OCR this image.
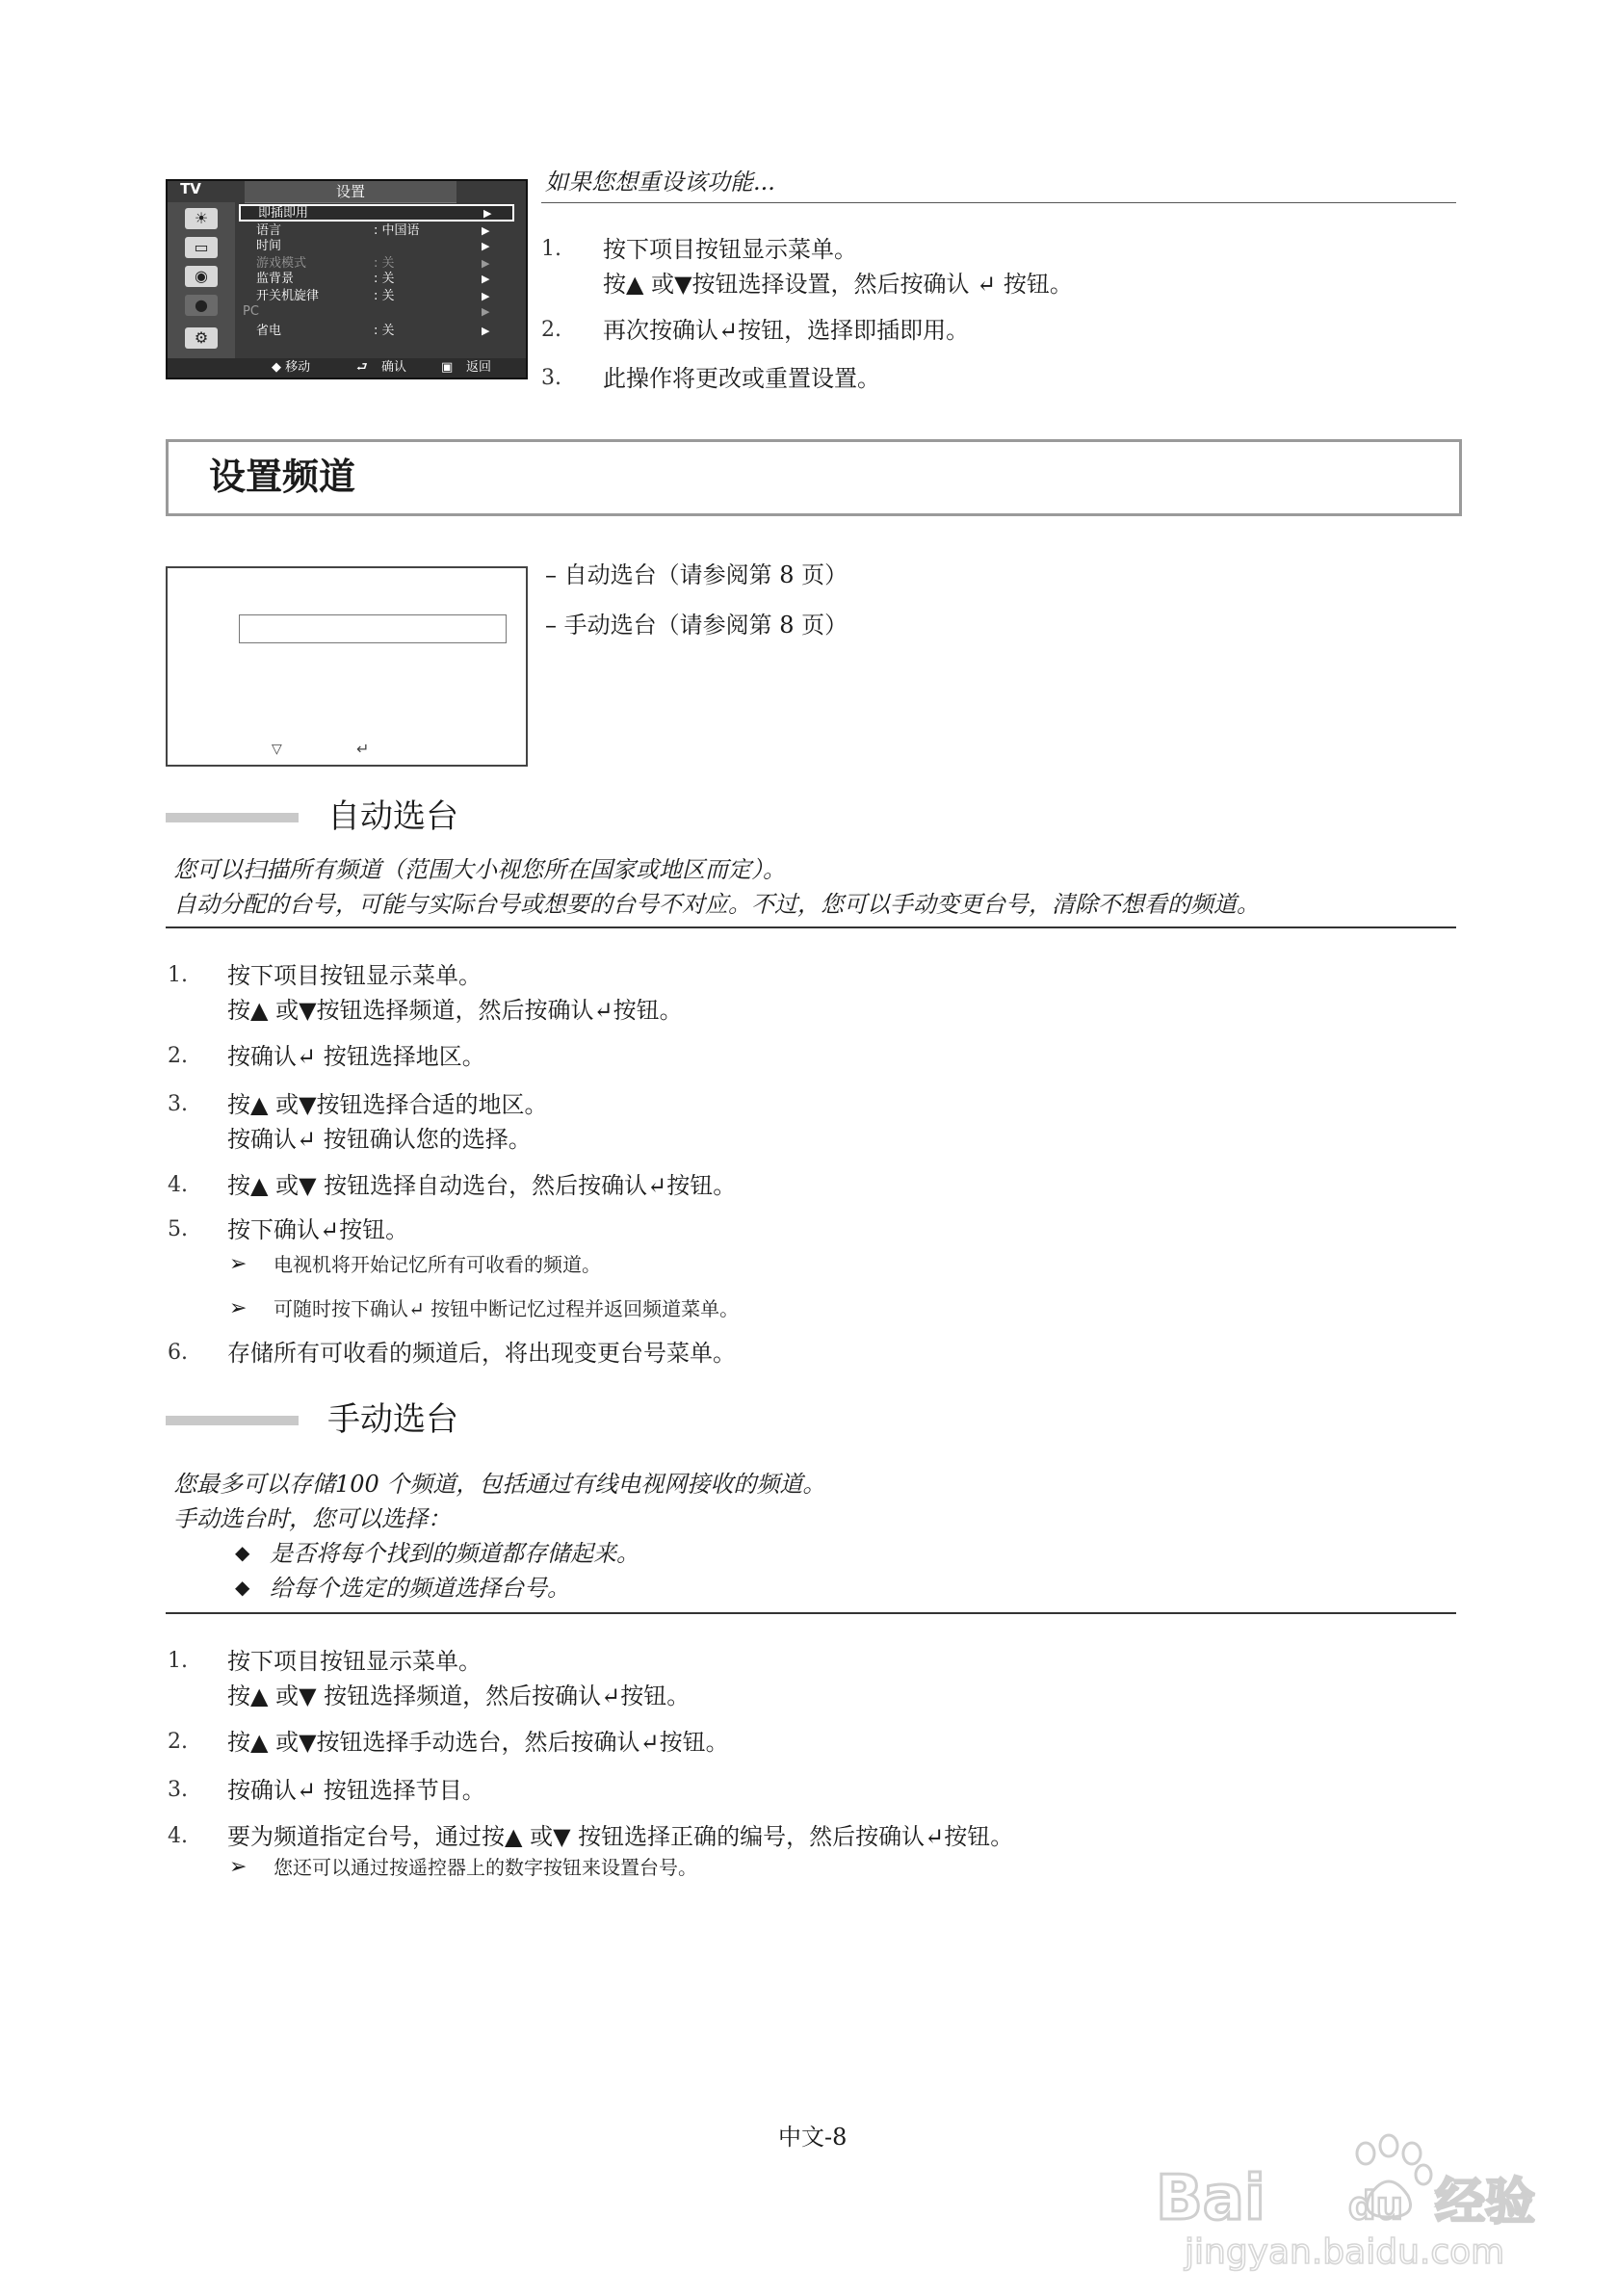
TV	设置
☀
▭
◉
●
⚙
即插即用	▶
语言	: 中国语	▶
时间	▶
游戏模式	: 关	▶
监背景	: 关	▶
开关机旋律	: 关	▶
PC	▶
省电	: 关	▶
◆ 移动	⮐ 确认	▣ 返回
如果您想重设该功能...
1. 按下项目按钮显示菜单。
按▲ 或▼按钮选择设置，然后按确认 ↵ 按钮。
2. 再次按确认↵按钮，选择即插即用。
3. 此操作将更改或重置设置。
设置频道
▽	↵
– 自动选台（请参阅第 8 页）
– 手动选台（请参阅第 8 页）
自动选台
您可以扫描所有频道（范围大小视您所在国家或地区而定）。
自动分配的台号，可能与实际台号或想要的台号不对应。不过，您可以手动变更台号，清除不想看的频道。
1. 按下项目按钮显示菜单。
按▲ 或▼按钮选择频道，然后按确认↵按钮。
2. 按确认↵ 按钮选择地区。
3. 按▲ 或▼按钮选择合适的地区。
按确认↵ 按钮确认您的选择。
4. 按▲ 或▼ 按钮选择自动选台，然后按确认↵按钮。
5. 按下确认↵按钮。
➢ 电视机将开始记忆所有可收看的频道。
➢ 可随时按下确认↵ 按钮中断记忆过程并返回频道菜单。
6. 存储所有可收看的频道后，将出现变更台号菜单。
手动选台
您最多可以存储100 个频道，包括通过有线电视网接收的频道。
手动选台时，您可以选择：
◆ 是否将每个找到的频道都存储起来。
◆ 给每个选定的频道选择台号。
1. 按下项目按钮显示菜单。
按▲ 或▼ 按钮选择频道，然后按确认↵按钮。
2. 按▲ 或▼按钮选择手动选台，然后按确认↵按钮。
3. 按确认↵ 按钮选择节目。
4. 要为频道指定台号，通过按▲ 或▼ 按钮选择正确的编号，然后按确认↵按钮。
➢ 您还可以通过按遥控器上的数字按钮来设置台号。
中文-8
Bai du 经验
jingyan.baidu.com
